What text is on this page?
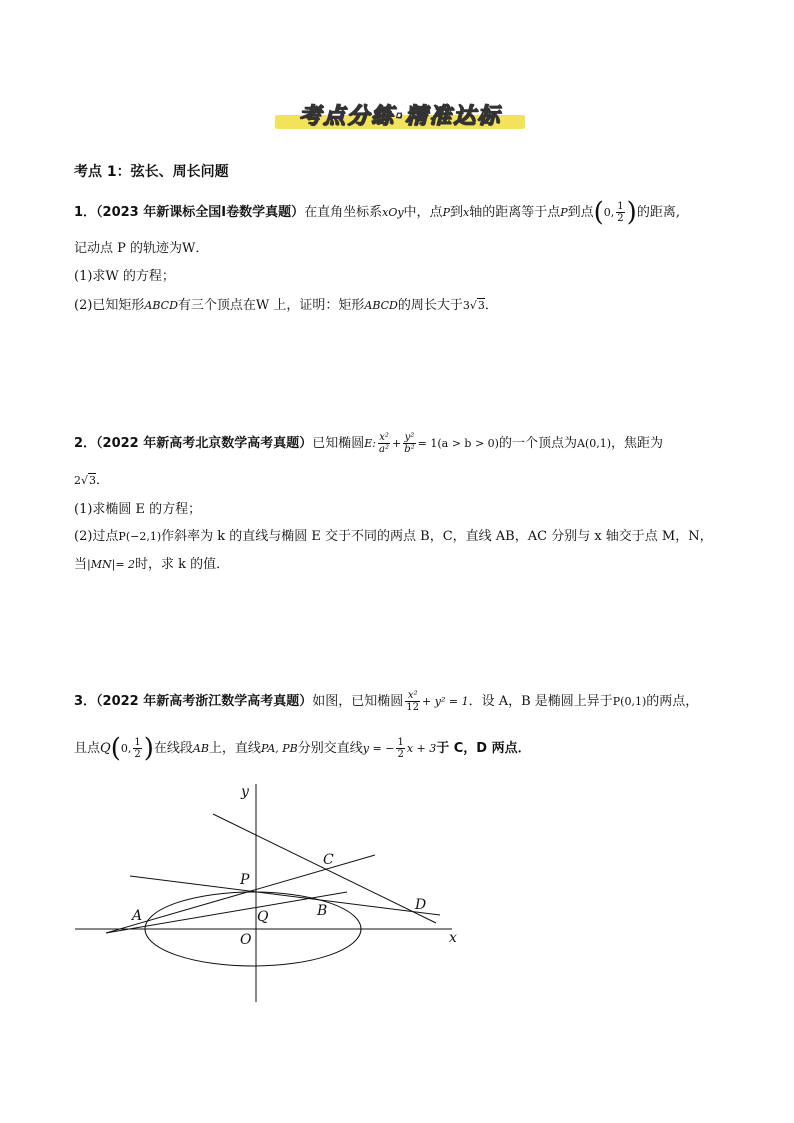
考点分练·精准达标
考点 1：弦长、周长问题
1．（2023 年新课标全国Ⅰ卷数学真题）在直角坐标系xOy中，点P到x轴的距离等于点P到点(0, $\frac{1}{2}$ )的距离,
记动点 P 的轨迹为W．
(1)求W 的方程；
(2)已知矩形ABCD有三个顶点在W 上，证明：矩形ABCD的周长大于3√3．
2．（2022 年新高考北京数学高考真题）已知椭圆E: $\frac{\text{x²}}{\text{a²}} + \frac{\text{y²}}{\text{b²}} = 1(a > b > 0)$的一个顶点为A(0,1)，焦距为
2√3．
(1)求椭圆 E 的方程；
(2)过点P(−2,1)作斜率为 k 的直线与椭圆 E 交于不同的两点 B，C，直线 AB，AC 分别与 x 轴交于点 M，N，
当|MN|= 2时，求 k 的值．
3．（2022 年新高考浙江数学高考真题）如图，已知椭圆 $\frac{\text{x²}}{12} + y^2 = 1$．设 A，B 是椭圆上异于P(0,1)的两点，
且点Q(0, $\frac{1}{2}$ )在线段AB上，直线PA, PB分别交直线y = − $\frac{1}{2}$ x + 3于 C，D 两点．
y
x
O
P
Q
A	B
C
D
